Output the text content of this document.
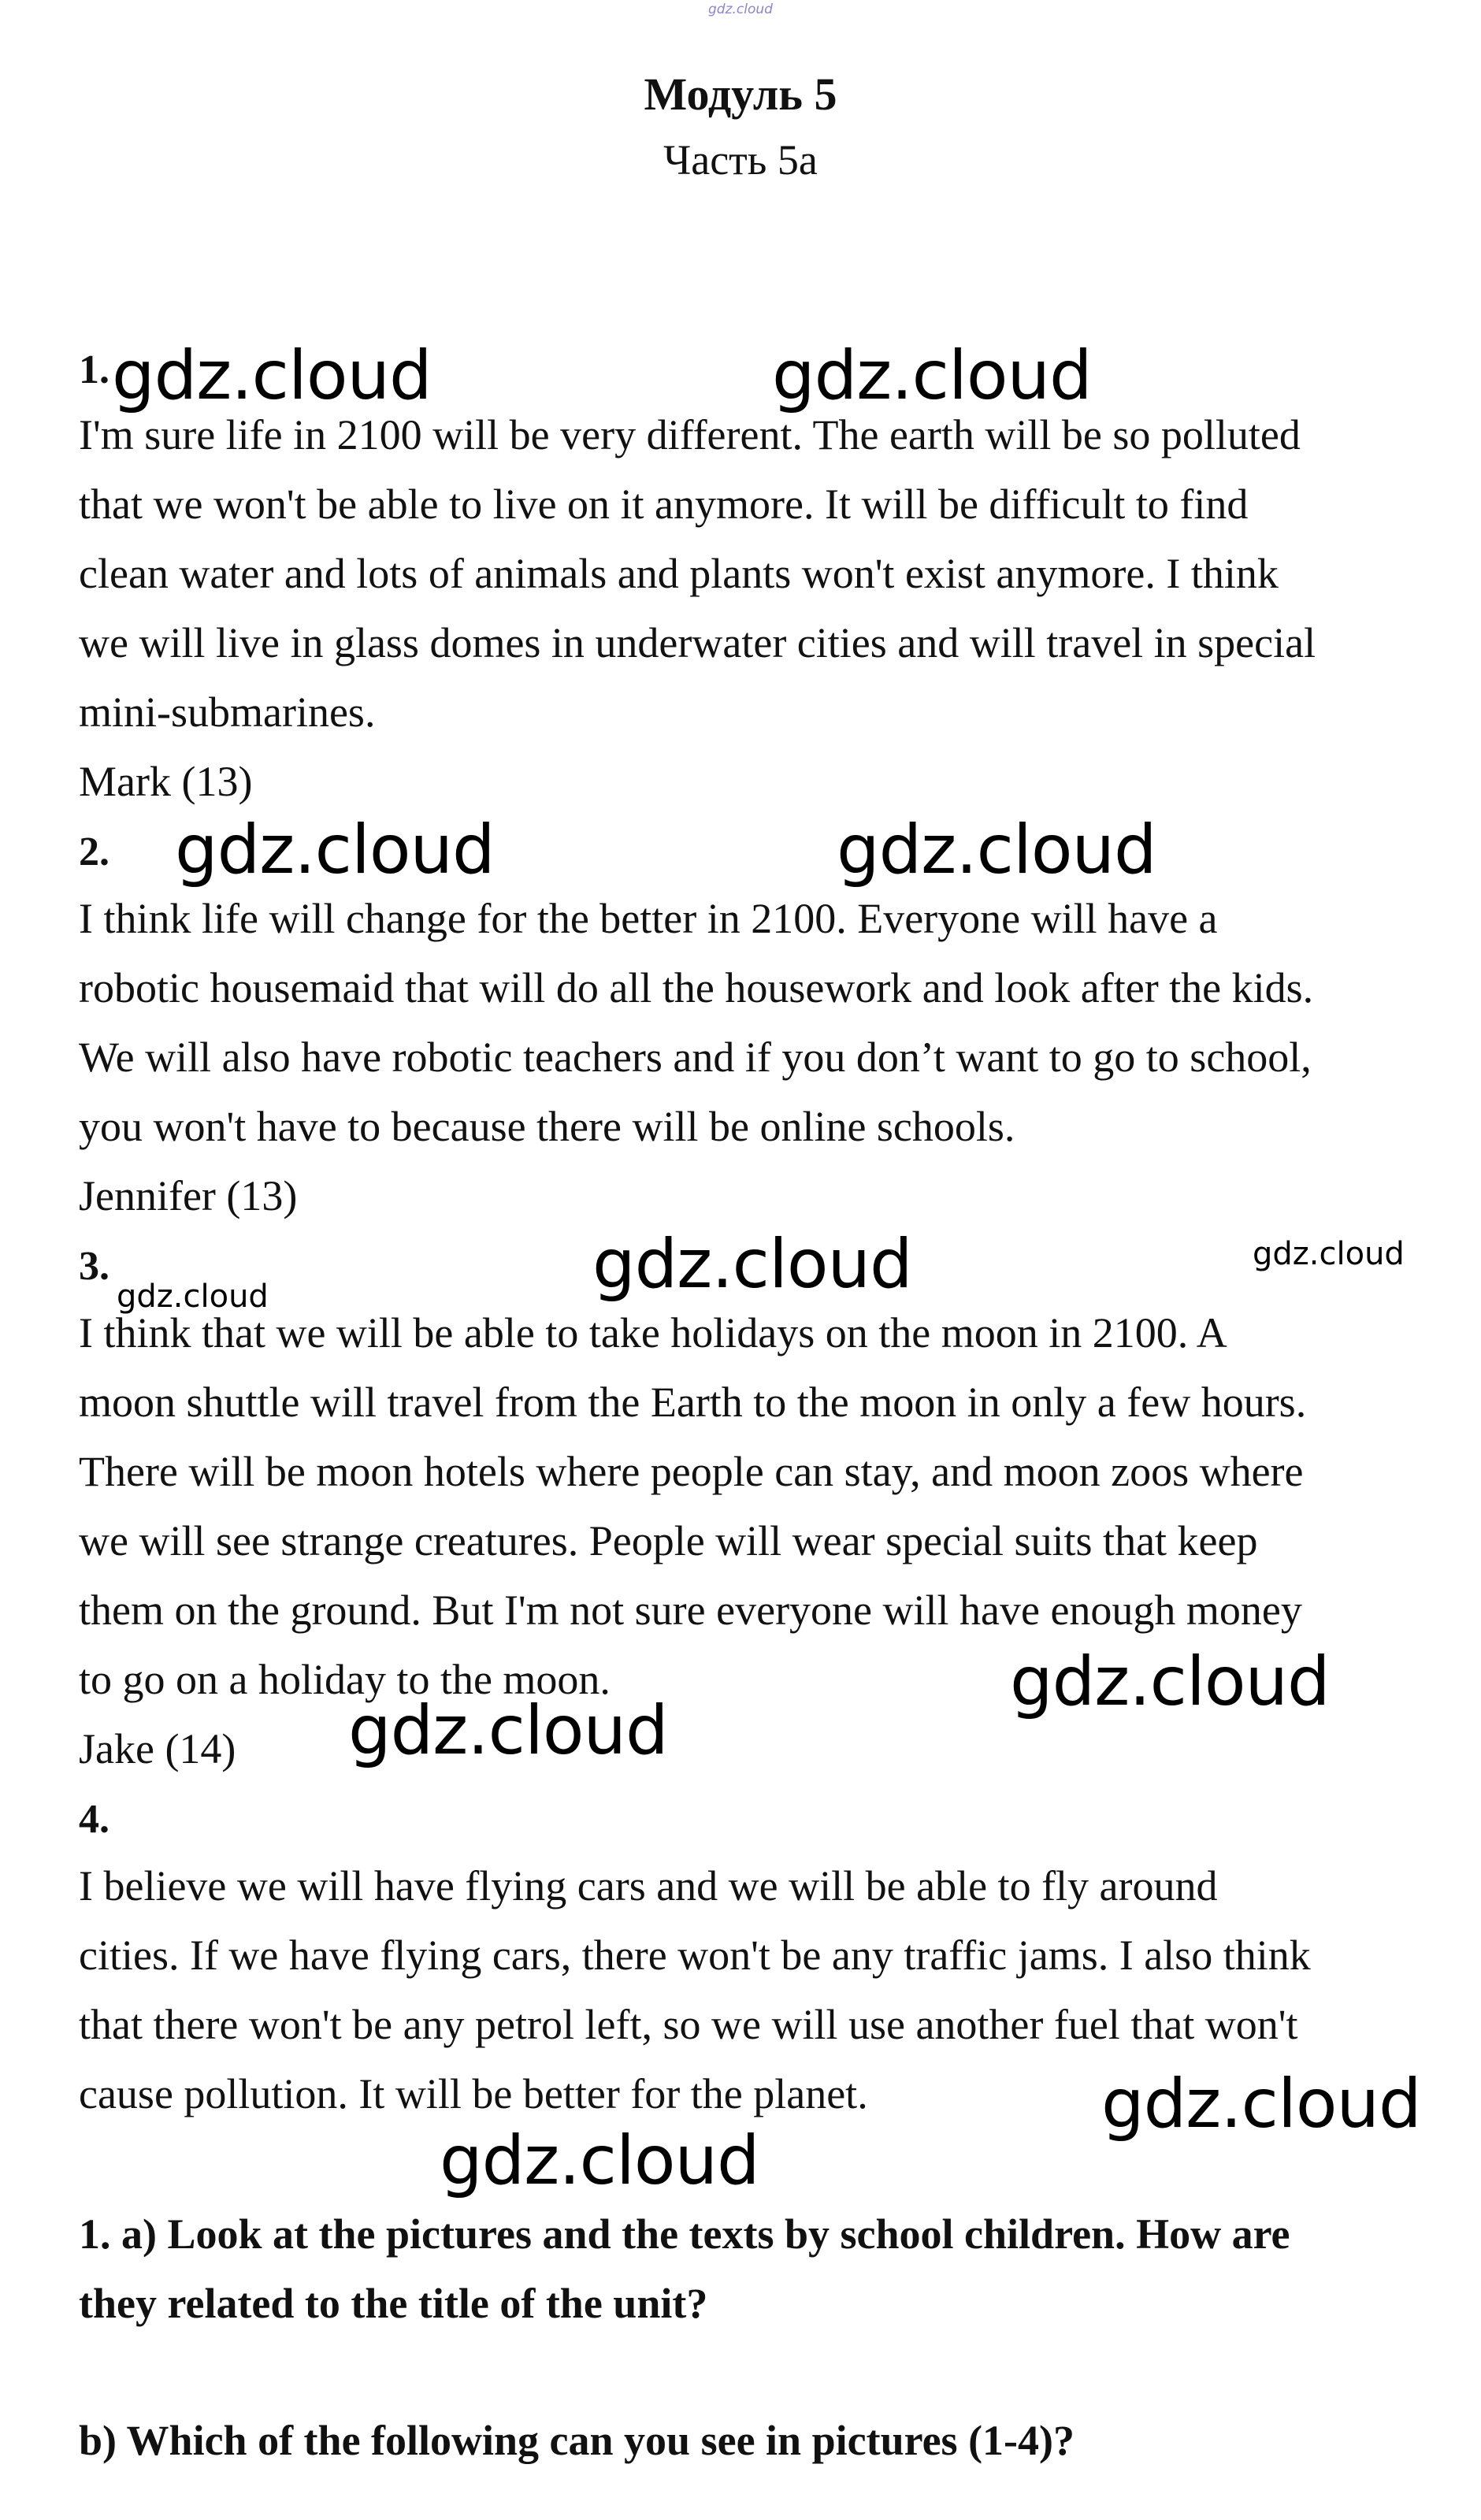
gdz.cloud
Модуль 5
Часть 5а
1. gdz.cloud	gdz.cloud
I'm sure life in 2100 will be very different. The earth will be so polluted
that we won't be able to live on it anymore. It will be difficult to find
clean water and lots of animals and plants won't exist anymore. I think
we will live in glass domes in underwater cities and will travel in special
mini-submarines.
Mark (13)
2. gdz.cloud	gdz.cloud
I think life will change for the better in 2100. Everyone will have a
robotic housemaid that will do all the housework and look after the kids.
We will also have robotic teachers and if you don’t want to go to school,
you won't have to because there will be online schools.
Jennifer (13)
3.
gdz.cloud	gdz.cloud	gdz.cloud
I think that we will be able to take holidays on the moon in 2100. A
moon shuttle will travel from the Earth to the moon in only a few hours.
There will be moon hotels where people can stay, and moon zoos where
we will see strange creatures. People will wear special suits that keep
them on the ground. But I'm not sure everyone will have enough money
to go on a holiday to the moon.	gdz.cloud
Jake (14) gdz.cloud
4.
I believe we will have flying cars and we will be able to fly around
cities. If we have flying cars, there won't be any traffic jams. I also think
that there won't be any petrol left, so we will use another fuel that won't
cause pollution. It will be better for the planet.	gdz.cloud
gdz.cloud
1. a) Look at the pictures and the texts by school children. How are
they related to the title of the unit?
b) Which of the following can you see in pictures (1-4)?
gdz.cloud
